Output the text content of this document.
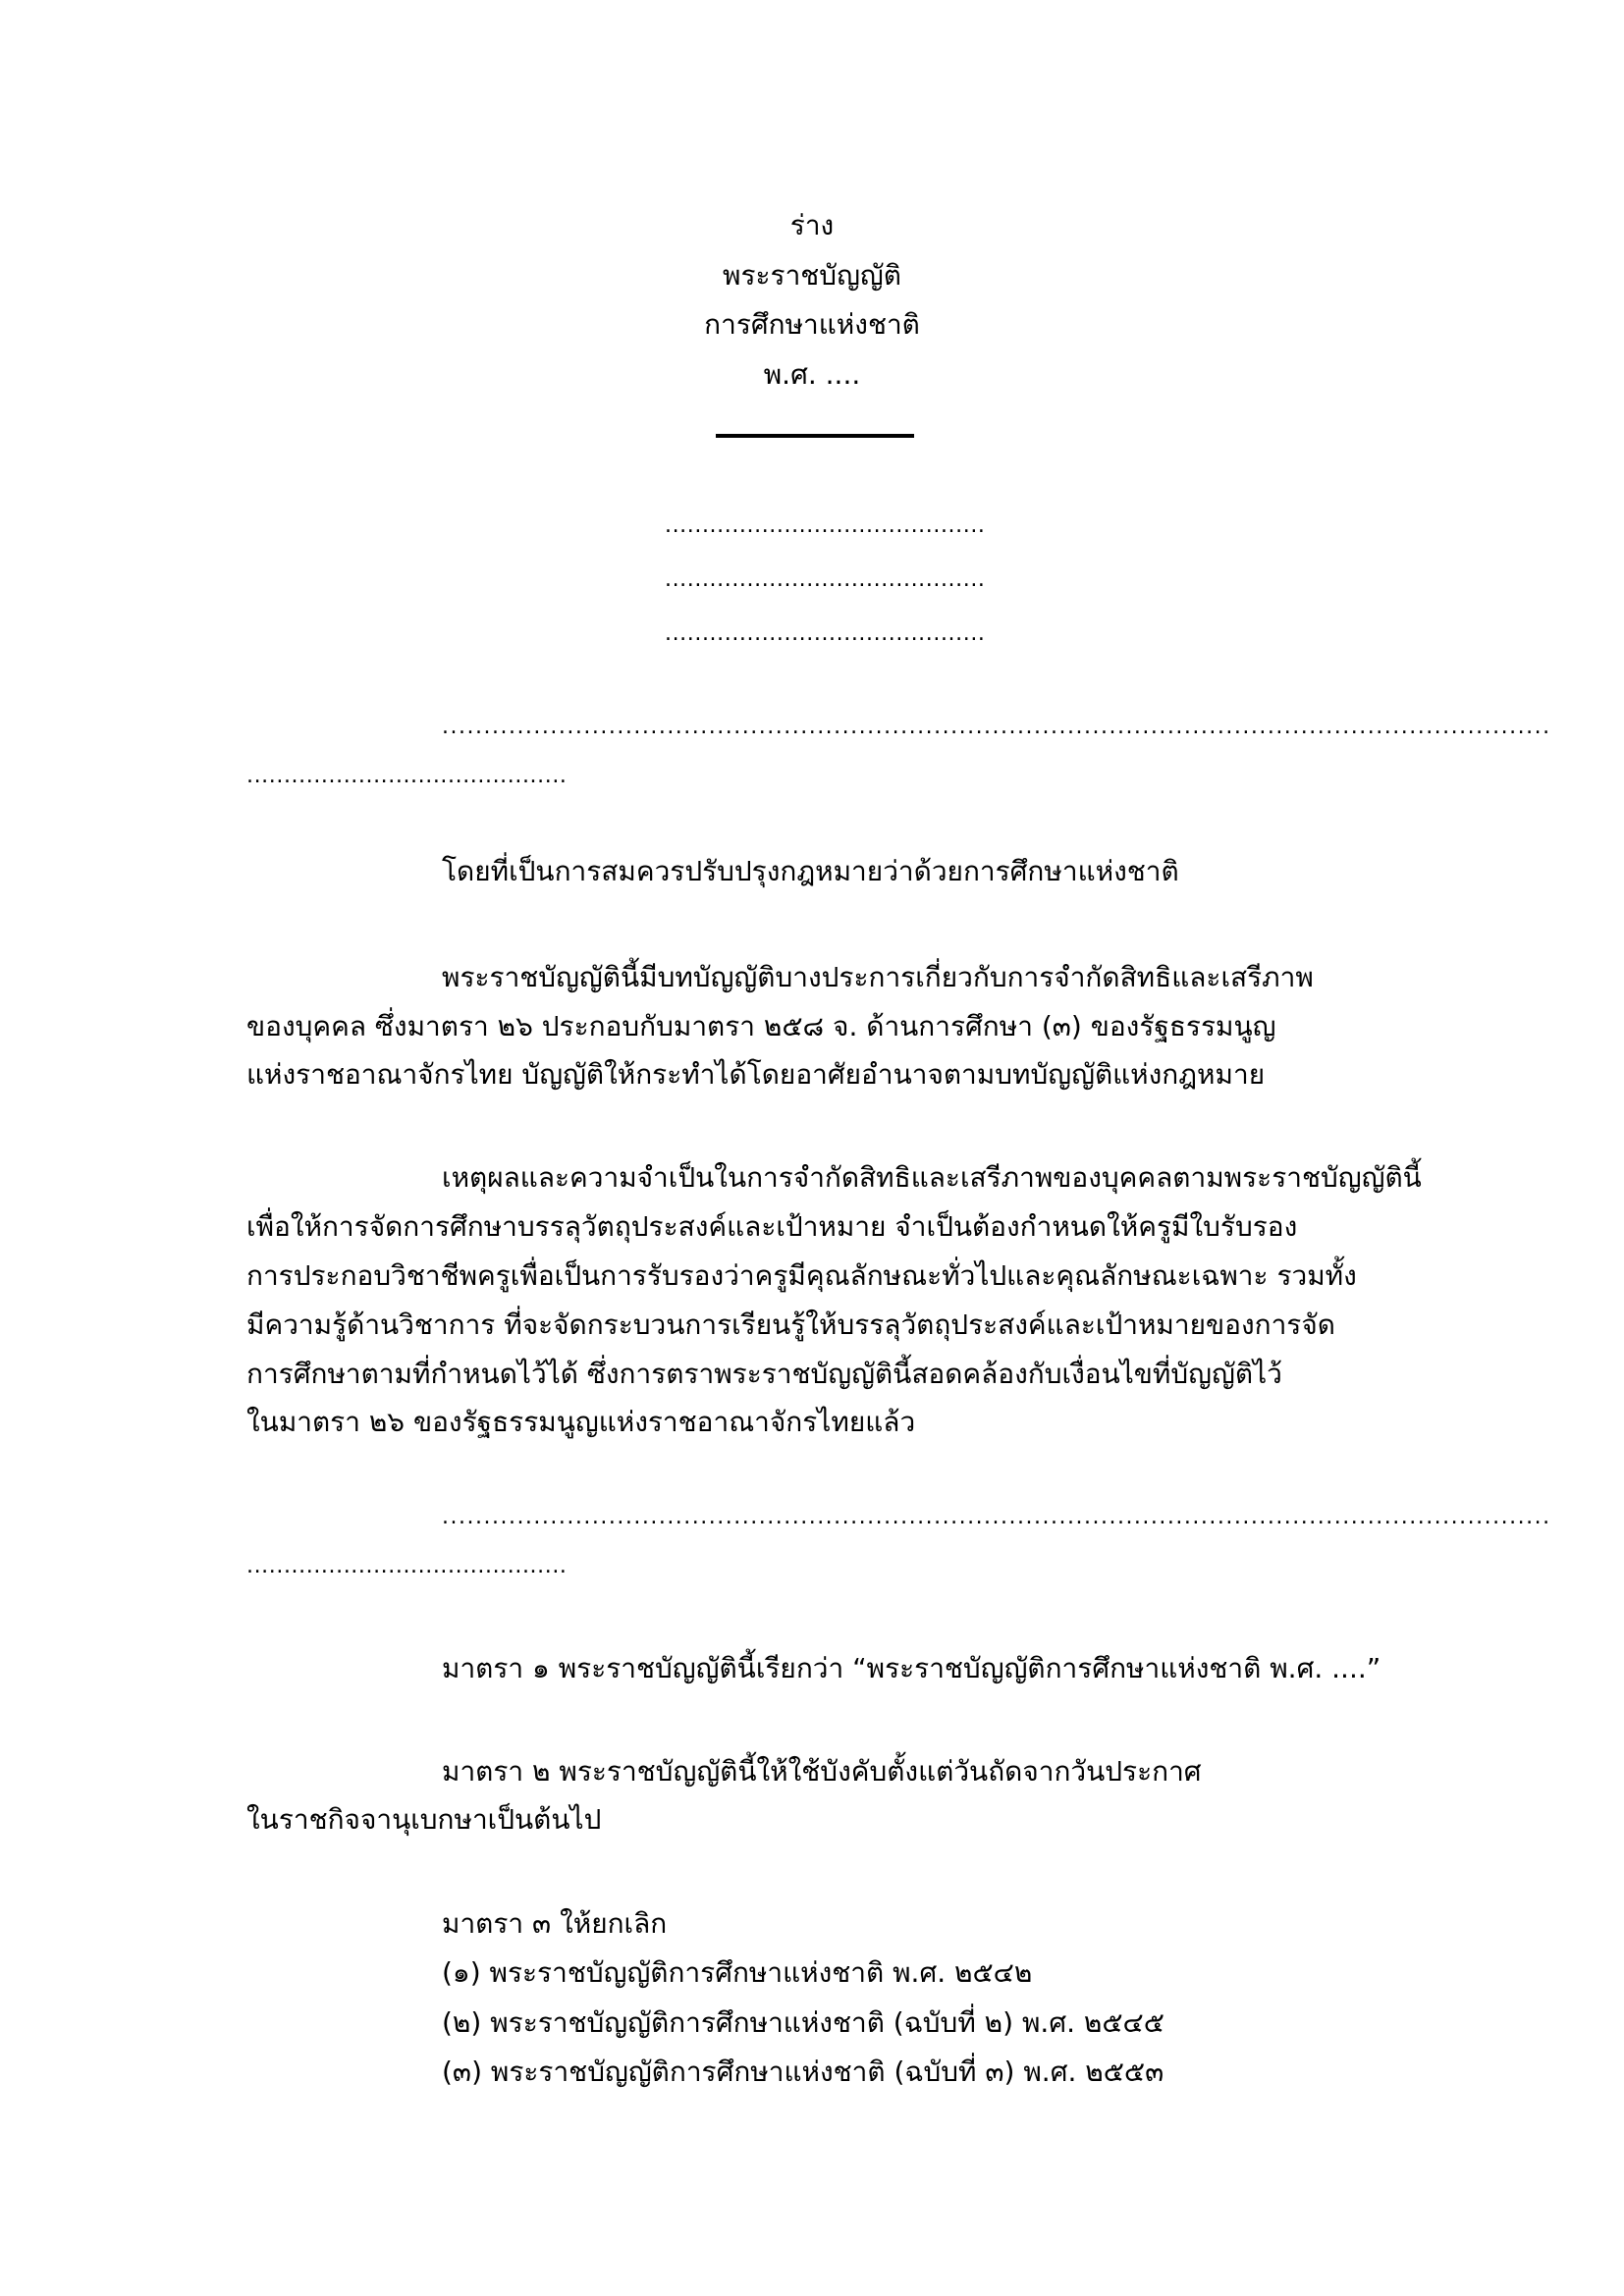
ร่าง
พระราชบัญญัติ
การศึกษาแห่งชาติ
พ.ศ. ....
...........................................
...........................................
...........................................
.....................................................................................................................................
...........................................
โดยที่เป็นการสมควรปรับปรุงกฎหมายว่าด้วยการศึกษาแห่งชาติ
พระราชบัญญัตินี้มีบทบัญญัติบางประการเกี่ยวกับการจำกัดสิทธิและเสรีภาพ
ของบุคคล ซึ่งมาตรา ๒๖ ประกอบกับมาตรา ๒๕๘ จ. ด้านการศึกษา (๓) ของรัฐธรรมนูญ
แห่งราชอาณาจักรไทย บัญญัติให้กระทำได้โดยอาศัยอำนาจตามบทบัญญัติแห่งกฎหมาย
เหตุผลและความจำเป็นในการจำกัดสิทธิและเสรีภาพของบุคคลตามพระราชบัญญัตินี้
เพื่อให้การจัดการศึกษาบรรลุวัตถุประสงค์และเป้าหมาย จำเป็นต้องกำหนดให้ครูมีใบรับรอง
การประกอบวิชาชีพครูเพื่อเป็นการรับรองว่าครูมีคุณลักษณะทั่วไปและคุณลักษณะเฉพาะ รวมทั้ง
มีความรู้ด้านวิชาการ ที่จะจัดกระบวนการเรียนรู้ให้บรรลุวัตถุประสงค์และเป้าหมายของการจัด
การศึกษาตามที่กำหนดไว้ได้ ซึ่งการตราพระราชบัญญัตินี้สอดคล้องกับเงื่อนไขที่บัญญัติไว้
ในมาตรา ๒๖ ของรัฐธรรมนูญแห่งราชอาณาจักรไทยแล้ว
.....................................................................................................................................
...........................................
มาตรา ๑ พระราชบัญญัตินี้เรียกว่า “พระราชบัญญัติการศึกษาแห่งชาติ พ.ศ. ....”
มาตรา ๒ พระราชบัญญัตินี้ให้ใช้บังคับตั้งแต่วันถัดจากวันประกาศ
ในราชกิจจานุเบกษาเป็นต้นไป
มาตรา ๓ ให้ยกเลิก
(๑) พระราชบัญญัติการศึกษาแห่งชาติ พ.ศ. ๒๕๔๒
(๒) พระราชบัญญัติการศึกษาแห่งชาติ (ฉบับที่ ๒) พ.ศ. ๒๕๔๕
(๓) พระราชบัญญัติการศึกษาแห่งชาติ (ฉบับที่ ๓) พ.ศ. ๒๕๕๓
